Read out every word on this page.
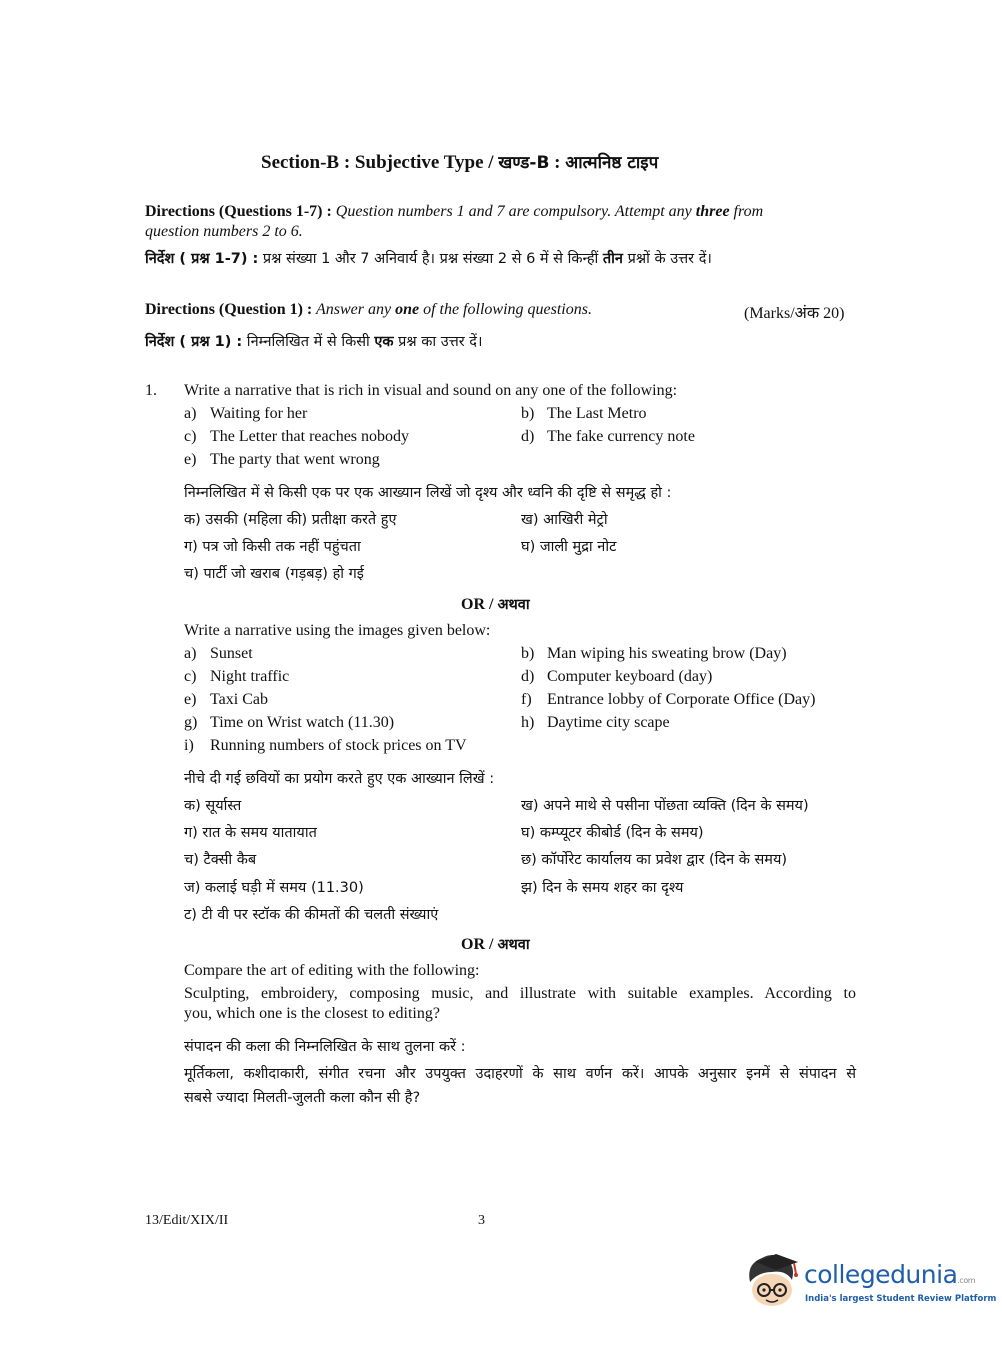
Section-B : Subjective Type / खण्ड-B : आत्मनिष्ठ टाइप
Directions (Questions 1-7) : Question numbers 1 and 7 are compulsory. Attempt any three from
question numbers 2 to 6.
निर्देश ( प्रश्न 1-7) : प्रश्न संख्या 1 और 7 अनिवार्य है। प्रश्न संख्या 2 से 6 में से किन्हीं तीन प्रश्नों के उत्तर दें।
Directions (Question 1) : Answer any one of the following questions.	(Marks/अंक 20)
निर्देश ( प्रश्न 1) : निम्नलिखित में से किसी एक प्रश्न का उत्तर दें।
1. Write a narrative that is rich in visual and sound on any one of the following:
a) Waiting for her	b) The Last Metro
c) The Letter that reaches nobody	d) The fake currency note
e) The party that went wrong
निम्नलिखित में से किसी एक पर एक आख्यान लिखें जो दृश्य और ध्वनि की दृष्टि से समृद्ध हो :
क) उसकी (महिला की) प्रतीक्षा करते हुए	ख) आखिरी मेट्रो
ग) पत्र जो किसी तक नहीं पहुंचता	घ) जाली मुद्रा नोट
च) पार्टी जो खराब (गड़बड़) हो गई
OR / अथवा
Write a narrative using the images given below:
a) Sunset	b) Man wiping his sweating brow (Day)
c) Night traffic	d) Computer keyboard (day)
e) Taxi Cab	f) Entrance lobby of Corporate Office (Day)
g) Time on Wrist watch (11.30)	h) Daytime city scape
i) Running numbers of stock prices on TV
नीचे दी गई छवियों का प्रयोग करते हुए एक आख्यान लिखें :
क) सूर्यास्त	ख) अपने माथे से पसीना पोंछता व्यक्ति (दिन के समय)
ग) रात के समय यातायात	घ) कम्प्यूटर कीबोर्ड (दिन के समय)
च) टैक्सी कैब	छ) कॉर्पोरेट कार्यालय का प्रवेश द्वार (दिन के समय)
ज) कलाई घड़ी में समय (11.30)	झ) दिन के समय शहर का दृश्य
ट) टी वी पर स्टॉक की कीमतों की चलती संख्याएं
OR / अथवा
Compare the art of editing with the following:
Sculpting, embroidery, composing music, and illustrate with suitable examples. According to
you, which one is the closest to editing?
संपादन की कला की निम्नलिखित के साथ तुलना करें :
मूर्तिकला, कशीदाकारी, संगीत रचना और उपयुक्त उदाहरणों के साथ वर्णन करें। आपके अनुसार इनमें से संपादन से
सबसे ज्यादा मिलती-जुलती कला कौन सी है?
13/Edit/XIX/II	3
collegedunia.com
India's largest Student Review Platform
